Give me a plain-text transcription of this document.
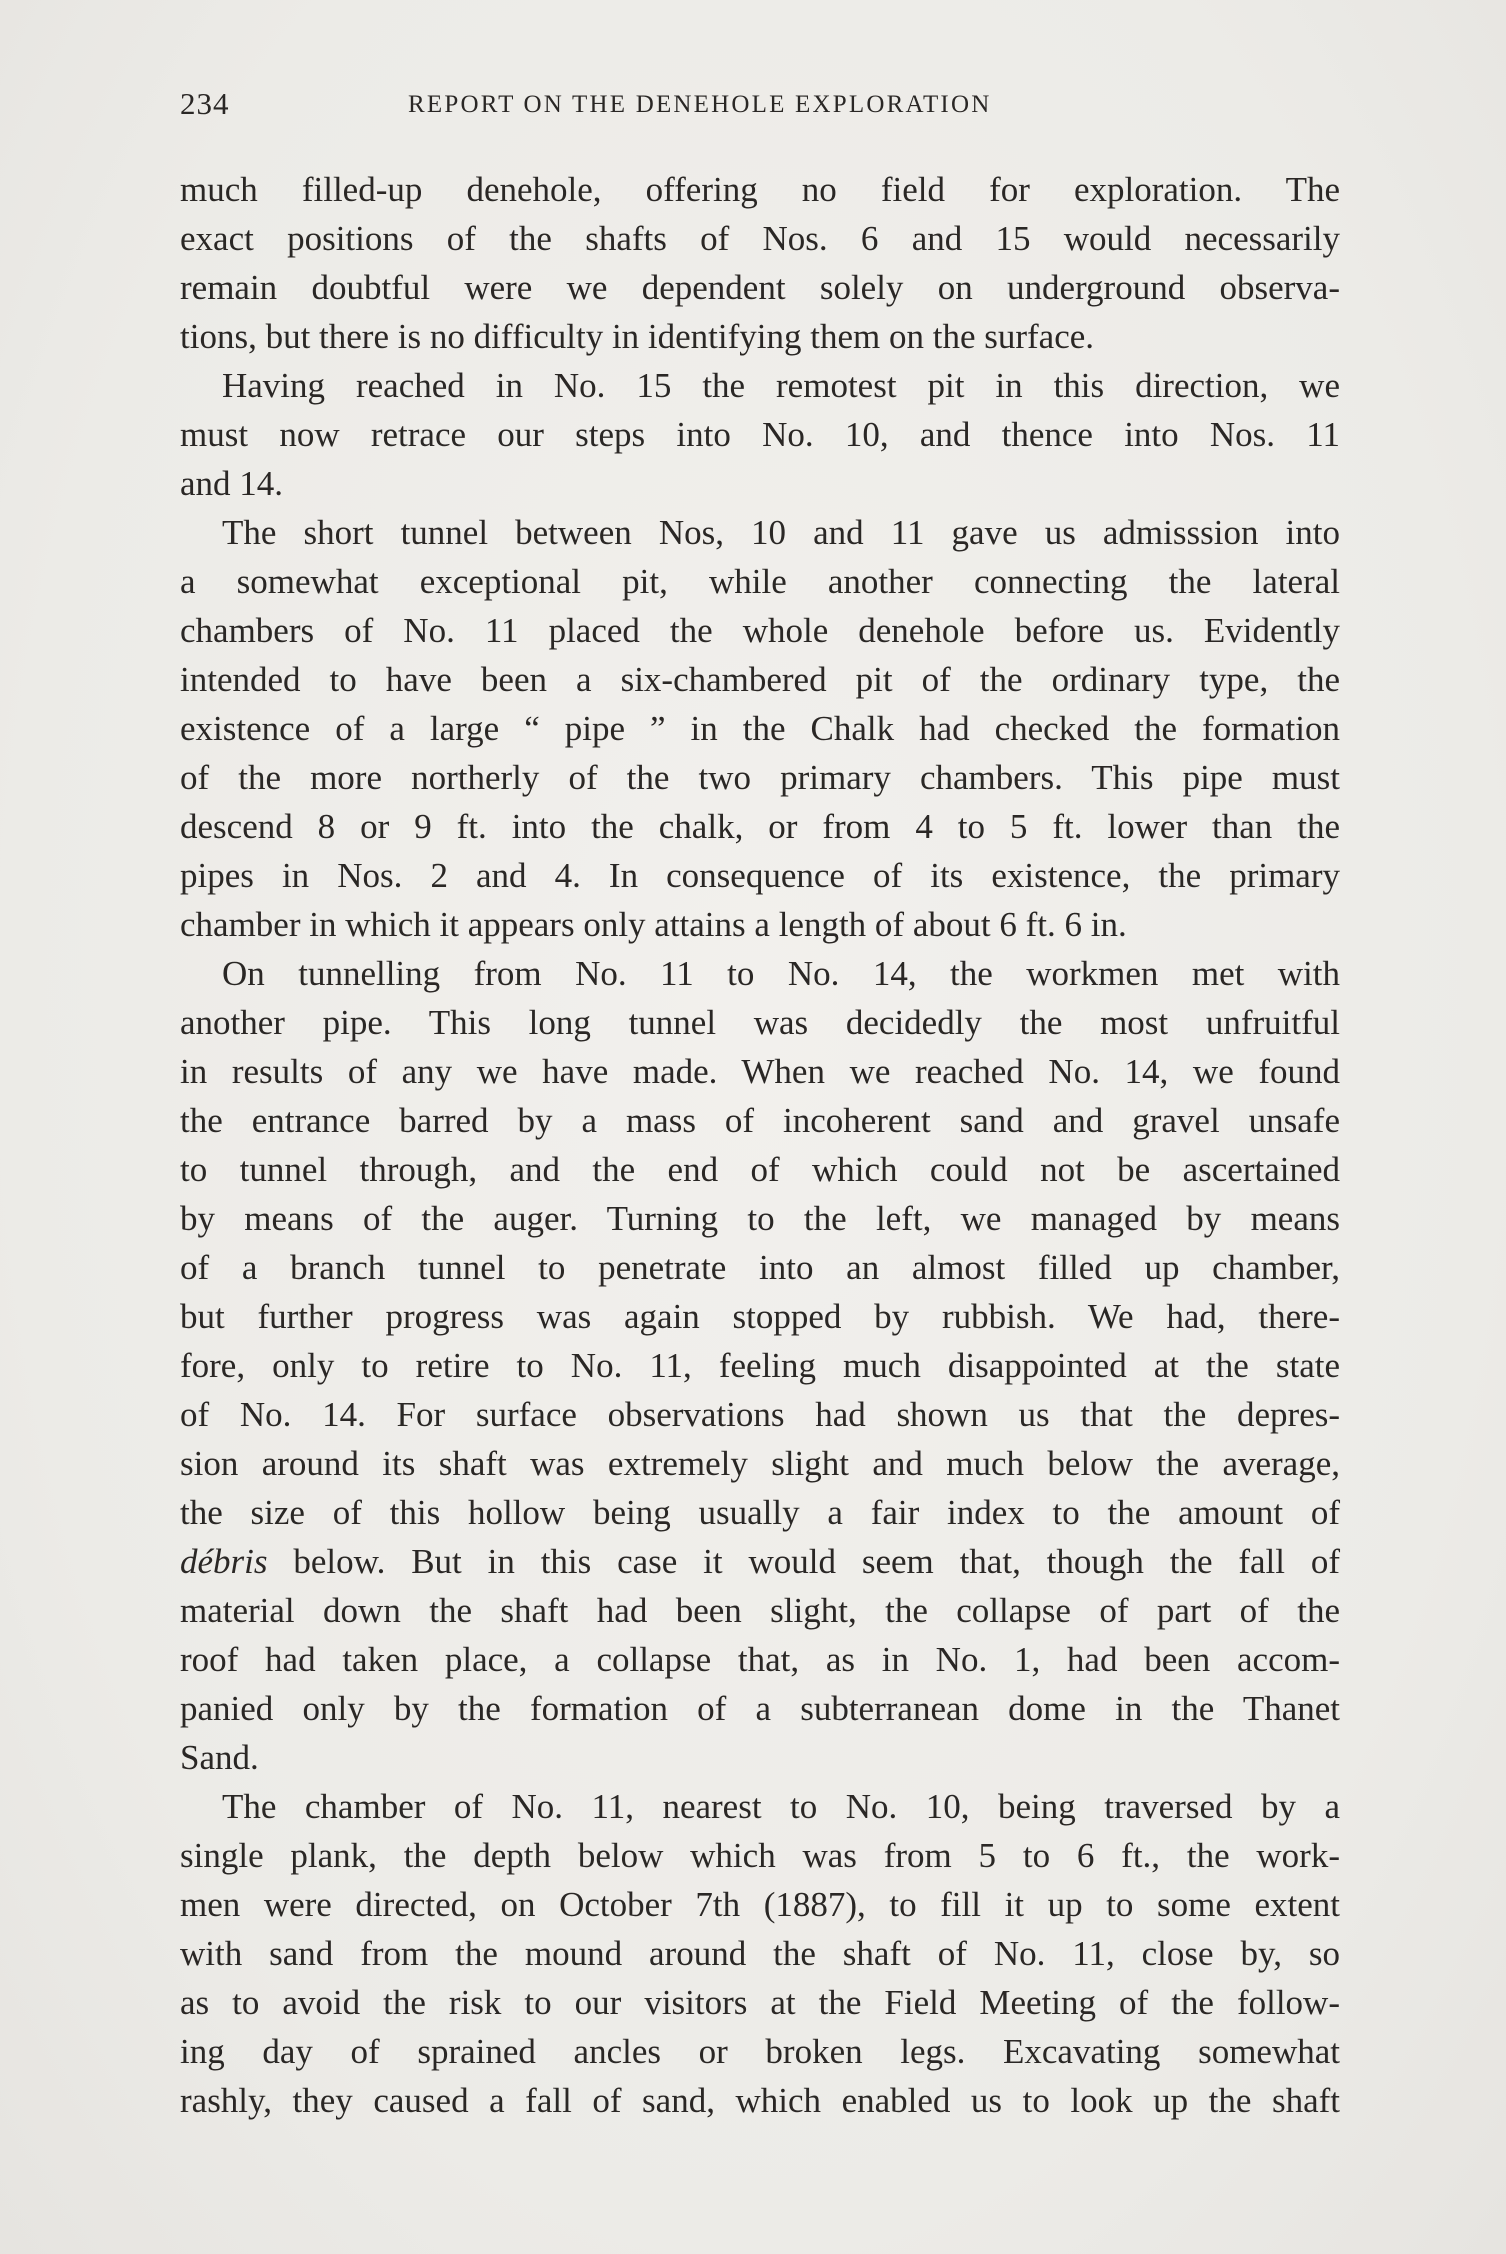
234	REPORT ON THE DENEHOLE EXPLORATION
much filled-up denehole, offering no field for exploration. The
exact positions of the shafts of Nos. 6 and 15 would necessarily
remain doubtful were we dependent solely on underground observa-
tions, but there is no difficulty in identifying them on the surface.
Having reached in No. 15 the remotest pit in this direction, we
must now retrace our steps into No. 10, and thence into Nos. 11
and 14.
The short tunnel between Nos, 10 and 11 gave us admisssion into
a somewhat exceptional pit, while another connecting the lateral
chambers of No. 11 placed the whole denehole before us. Evidently
intended to have been a six-chambered pit of the ordinary type, the
existence of a large “ pipe ” in the Chalk had checked the formation
of the more northerly of the two primary chambers. This pipe must
descend 8 or 9 ft. into the chalk, or from 4 to 5 ft. lower than the
pipes in Nos. 2 and 4. In consequence of its existence, the primary
chamber in which it appears only attains a length of about 6 ft. 6 in.
On tunnelling from No. 11 to No. 14, the workmen met with
another pipe. This long tunnel was decidedly the most unfruitful
in results of any we have made. When we reached No. 14, we found
the entrance barred by a mass of incoherent sand and gravel unsafe
to tunnel through, and the end of which could not be ascertained
by means of the auger. Turning to the left, we managed by means
of a branch tunnel to penetrate into an almost filled up chamber,
but further progress was again stopped by rubbish. We had, there-
fore, only to retire to No. 11, feeling much disappointed at the state
of No. 14. For surface observations had shown us that the depres-
sion around its shaft was extremely slight and much below the average,
the size of this hollow being usually a fair index to the amount of
débris below. But in this case it would seem that, though the fall of
material down the shaft had been slight, the collapse of part of the
roof had taken place, a collapse that, as in No. 1, had been accom-
panied only by the formation of a subterranean dome in the Thanet
Sand.
The chamber of No. 11, nearest to No. 10, being traversed by a
single plank, the depth below which was from 5 to 6 ft., the work-
men were directed, on October 7th (1887), to fill it up to some extent
with sand from the mound around the shaft of No. 11, close by, so
as to avoid the risk to our visitors at the Field Meeting of the follow-
ing day of sprained ancles or broken legs. Excavating somewhat
rashly, they caused a fall of sand, which enabled us to look up the shaft
